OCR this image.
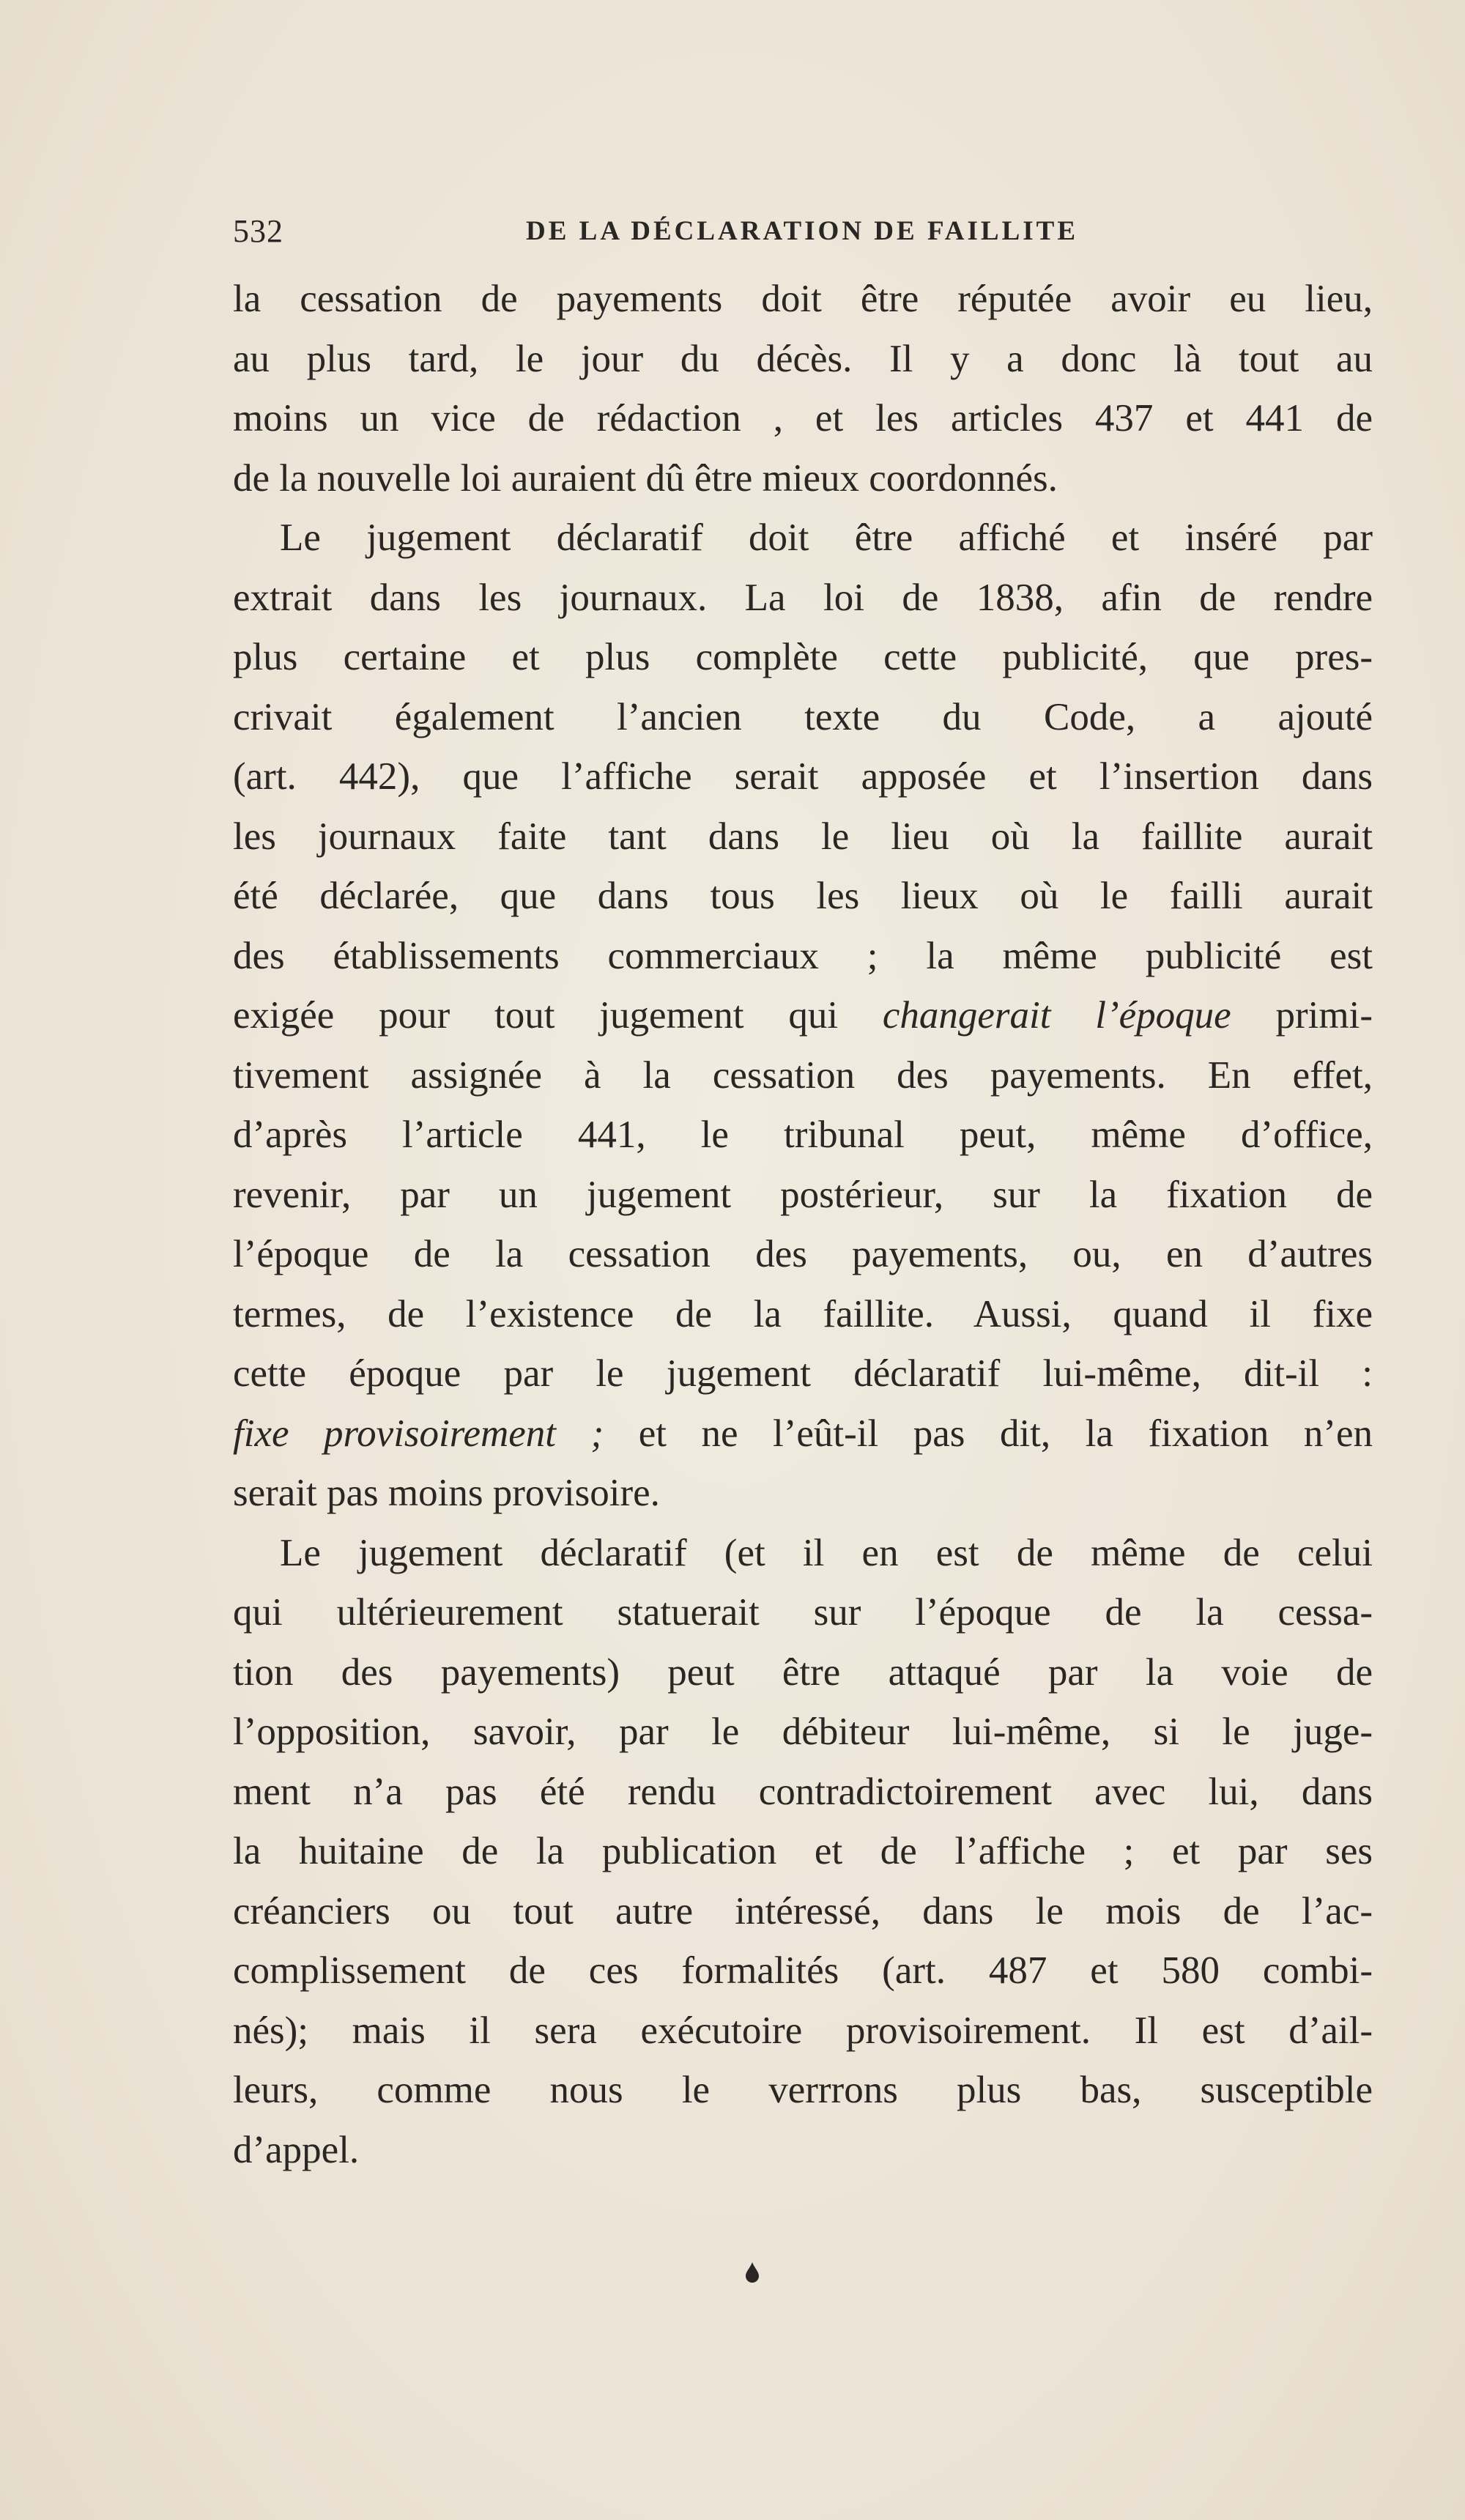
532	DE LA DÉCLARATION DE FAILLITE
la cessation de payements doit être réputée avoir eu lieu,
au plus tard, le jour du décès. Il y a donc là tout au
moins un vice de rédaction , et les articles 437 et 441 de
de la nouvelle loi auraient dû être mieux coordonnés.
Le jugement déclaratif doit être affiché et inséré par
extrait dans les journaux. La loi de 1838, afin de rendre
plus certaine et plus complète cette publicité, que pres-
crivait également l’ancien texte du Code, a ajouté
(art. 442), que l’affiche serait apposée et l’insertion dans
les journaux faite tant dans le lieu où la faillite aurait
été déclarée, que dans tous les lieux où le failli aurait
des établissements commerciaux ; la même publicité est
exigée pour tout jugement qui changerait l’époque primi-
tivement assignée à la cessation des payements. En effet,
d’après l’article 441, le tribunal peut, même d’office,
revenir, par un jugement postérieur, sur la fixation de
l’époque de la cessation des payements, ou, en d’autres
termes, de l’existence de la faillite. Aussi, quand il fixe
cette époque par le jugement déclaratif lui-même, dit-il :
fixe provisoirement ; et ne l’eût-il pas dit, la fixation n’en
serait pas moins provisoire.
Le jugement déclaratif (et il en est de même de celui
qui ultérieurement statuerait sur l’époque de la cessa-
tion des payements) peut être attaqué par la voie de
l’opposition, savoir, par le débiteur lui-même, si le juge-
ment n’a pas été rendu contradictoirement avec lui, dans
la huitaine de la publication et de l’affiche ; et par ses
créanciers ou tout autre intéressé, dans le mois de l’ac-
complissement de ces formalités (art. 487 et 580 combi-
nés); mais il sera exécutoire provisoirement. Il est d’ail-
leurs, comme nous le verrrons plus bas, susceptible
d’appel.
